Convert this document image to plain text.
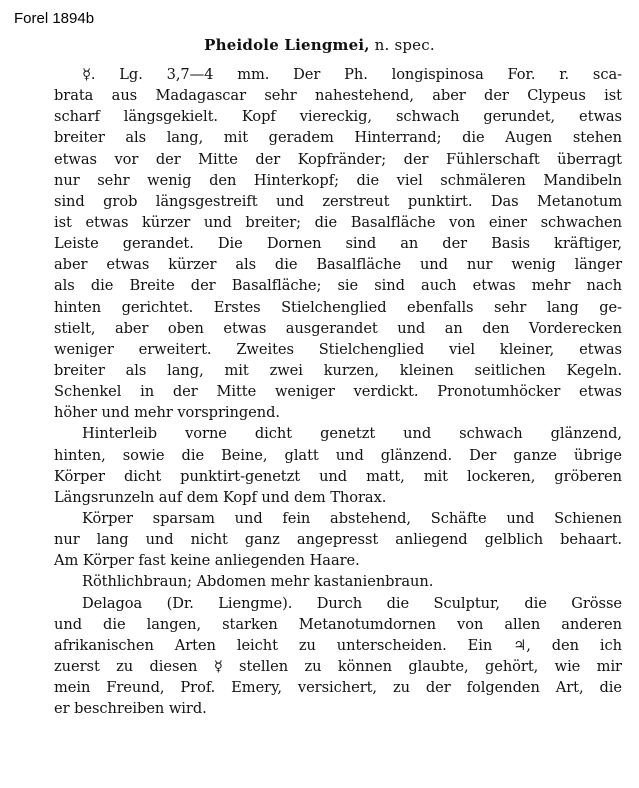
Forel 1894b
Pheidole Liengmei, n. spec.
☿. Lg. 3,7—4 mm. Der Ph. longispinosa For. r. sca-
brata aus Madagascar sehr nahestehend, aber der Clypeus ist
scharf längsgekielt. Kopf viereckig, schwach gerundet, etwas
breiter als lang, mit geradem Hinterrand; die Augen stehen
etwas vor der Mitte der Kopfränder; der Fühlerschaft überragt
nur sehr wenig den Hinterkopf; die viel schmäleren Mandibeln
sind grob längsgestreift und zerstreut punktirt. Das Metanotum
ist etwas kürzer und breiter; die Basalfläche von einer schwachen
Leiste gerandet. Die Dornen sind an der Basis kräftiger,
aber etwas kürzer als die Basalfläche und nur wenig länger
als die Breite der Basalfläche; sie sind auch etwas mehr nach
hinten gerichtet. Erstes Stielchenglied ebenfalls sehr lang ge-
stielt, aber oben etwas ausgerandet und an den Vorderecken
weniger erweitert. Zweites Stielchenglied viel kleiner, etwas
breiter als lang, mit zwei kurzen, kleinen seitlichen Kegeln.
Schenkel in der Mitte weniger verdickt. Pronotumhöcker etwas
höher und mehr vorspringend.
Hinterleib vorne dicht genetzt und schwach glänzend,
hinten, sowie die Beine, glatt und glänzend. Der ganze übrige
Körper dicht punktirt-genetzt und matt, mit lockeren, gröberen
Längsrunzeln auf dem Kopf und dem Thorax.
Körper sparsam und fein abstehend, Schäfte und Schienen
nur lang und nicht ganz angepresst anliegend gelblich behaart.
Am Körper fast keine anliegenden Haare.
Röthlichbraun; Abdomen mehr kastanienbraun.
Delagoa (Dr. Liengme). Durch die Sculptur, die Grösse
und die langen, starken Metanotumdornen von allen anderen
afrikanischen Arten leicht zu unterscheiden. Ein ♃, den ich
zuerst zu diesen ☿ stellen zu können glaubte, gehört, wie mir
mein Freund, Prof. Emery, versichert, zu der folgenden Art, die
er beschreiben wird.
